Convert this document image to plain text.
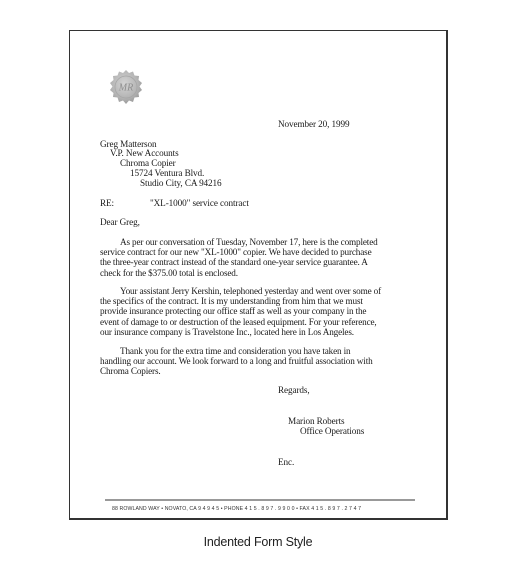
MR
November 20, 1999
Greg Matterson
V.P. New Accounts
Chroma Copier
15724 Ventura Blvd.
Studio City, CA 94216
RE:	"XL-1000" service contract
Dear Greg,
As per our conversation of Tuesday, November 17, here is the completed
service contract for our new "XL-1000" copier. We have decided to purchase
the three-year contract instead of the standard one-year service guarantee. A
check for the $375.00 total is enclosed.
Your assistant Jerry Kershin, telephoned yesterday and went over some of
the specifics of the contract. It is my understanding from him that we must
provide insurance protecting our office staff as well as your company in the
event of damage to or destruction of the leased equipment. For your reference,
our insurance company is Travelstone Inc., located here in Los Angeles.
Thank you for the extra time and consideration you have taken in
handling our account. We look forward to a long and fruitful association with
Chroma Copiers.
Regards,
Marion Roberts
Office Operations
Enc.
88 ROWLAND WAY • NOVATO, CA 9 4 9 4 5 • PHONE 4 1 5 . 8 9 7 . 9 9 0 0 • FAX 4 1 5 . 8 9 7 . 2 7 4 7
Indented Form Style
